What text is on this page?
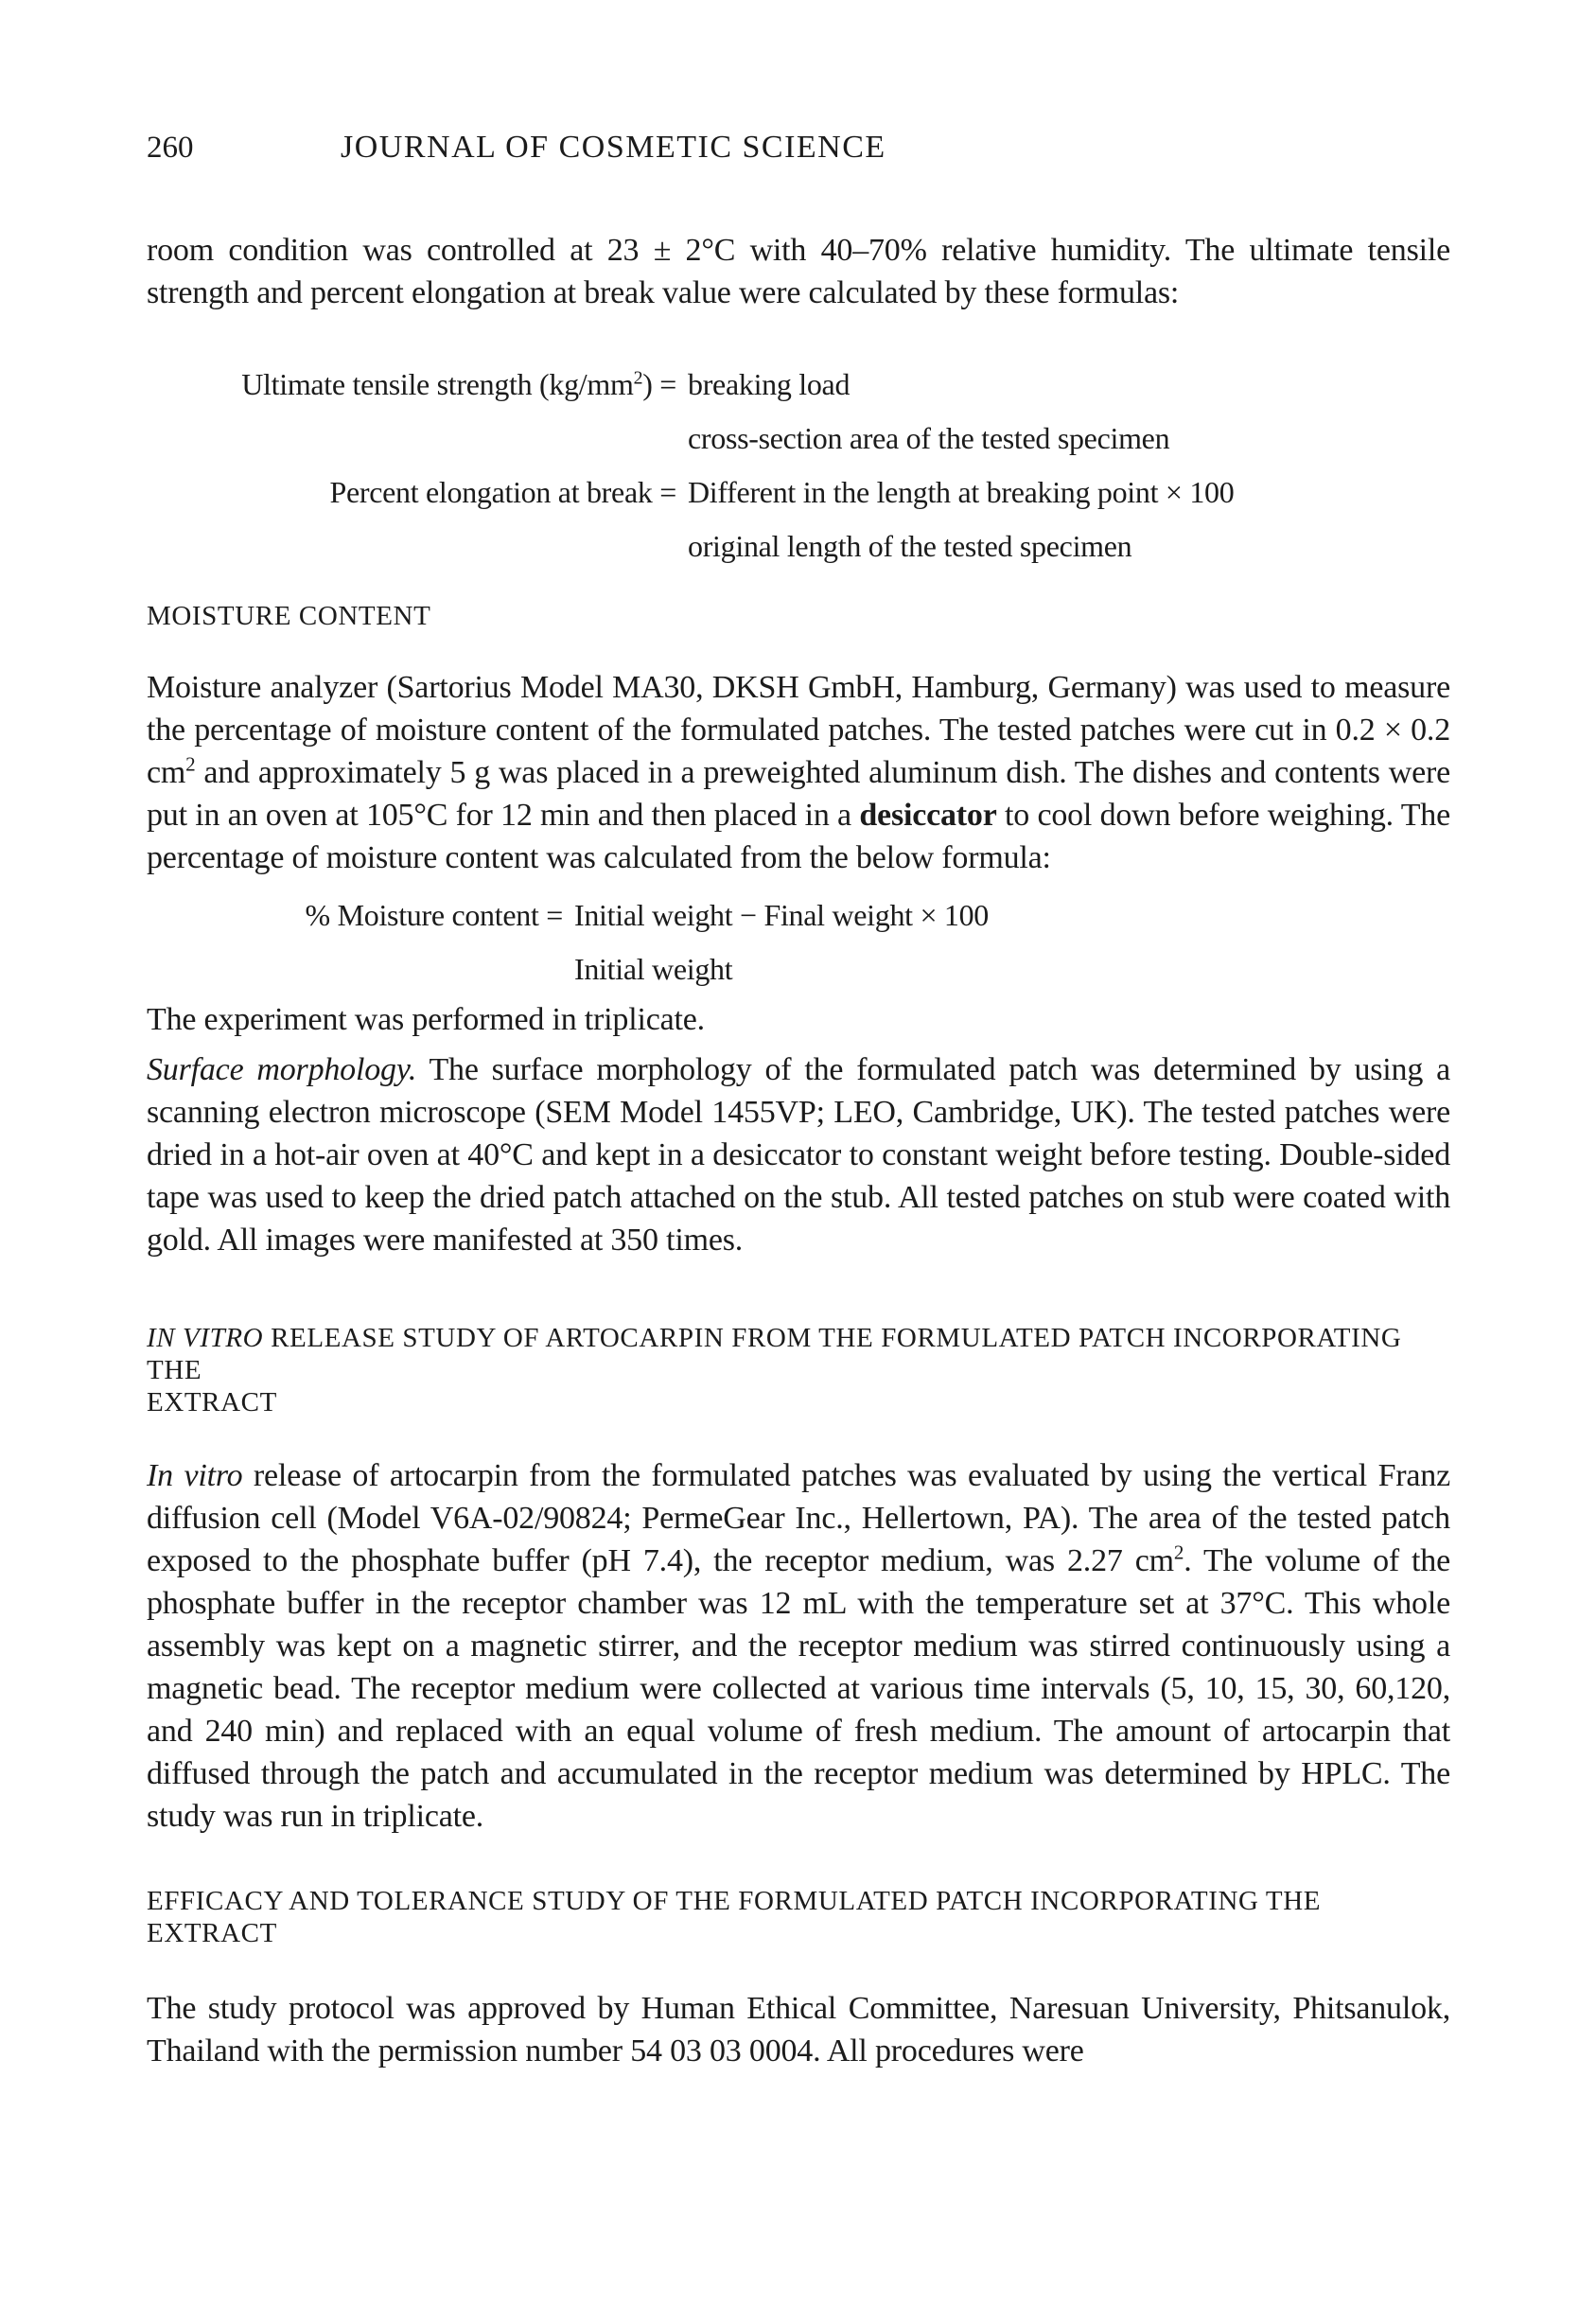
260	JOURNAL OF COSMETIC SCIENCE

room condition was controlled at 23 ± 2°C with 40–70% relative humidity. The ultimate tensile strength and percent elongation at break value were calculated by these formulas:

Ultimate tensile strength $(kg/mm^2)$ = breaking load
cross-section area of the tested specimen
Percent elongation at break = Different in the length at breaking point × 100
original length of the tested specimen
MOISTURE CONTENT

Moisture analyzer (Sartorius Model MA30, DKSH GmbH, Hamburg, Germany) was used to measure the percentage of moisture content of the formulated patches. The tested patches were cut in 0.2 × 0.2 $cm^2$ and approximately 5 g was placed in a preweighted aluminum dish. The dishes and contents were put in an oven at 105°C for 12 min and then placed in a desiccator to cool down before weighing. The percentage of moisture content was calculated from the below formula:

% Moisture content = Initial weight − Final weight × 100
Initial weight

The experiment was performed in triplicate.

Surface morphology. The surface morphology of the formulated patch was determined by using a scanning electron microscope (SEM Model 1455VP; LEO, Cambridge, UK). The tested patches were dried in a hot-air oven at 40°C and kept in a desiccator to constant weight before testing. Double-sided tape was used to keep the dried patch attached on the stub. All tested patches on stub were coated with gold. All images were manifested at 350 times.

IN VITRO RELEASE STUDY OF ARTOCARPIN FROM THE FORMULATED PATCH INCORPORATING THE
EXTRACT

In vitro release of artocarpin from the formulated patches was evaluated by using the vertical Franz diffusion cell (Model V6A-02/90824; PermeGear Inc., Hellertown, PA). The area of the tested patch exposed to the phosphate buffer (pH 7.4), the receptor medium, was 2.27 $cm^2$. The volume of the phosphate buffer in the receptor chamber was 12 mL with the temperature set at 37°C. This whole assembly was kept on a magnetic stirrer, and the receptor medium was stirred continuously using a magnetic bead. The receptor medium were collected at various time intervals (5, 10, 15, 30, 60,120, and 240 min) and replaced with an equal volume of fresh medium. The amount of artocarpin that diffused through the patch and accumulated in the receptor medium was determined by HPLC. The study was run in triplicate.

EFFICACY AND TOLERANCE STUDY OF THE FORMULATED PATCH INCORPORATING THE EXTRACT

The study protocol was approved by Human Ethical Committee, Naresuan University, Phitsanulok, Thailand with the permission number 54 03 03 0004. All procedures were
